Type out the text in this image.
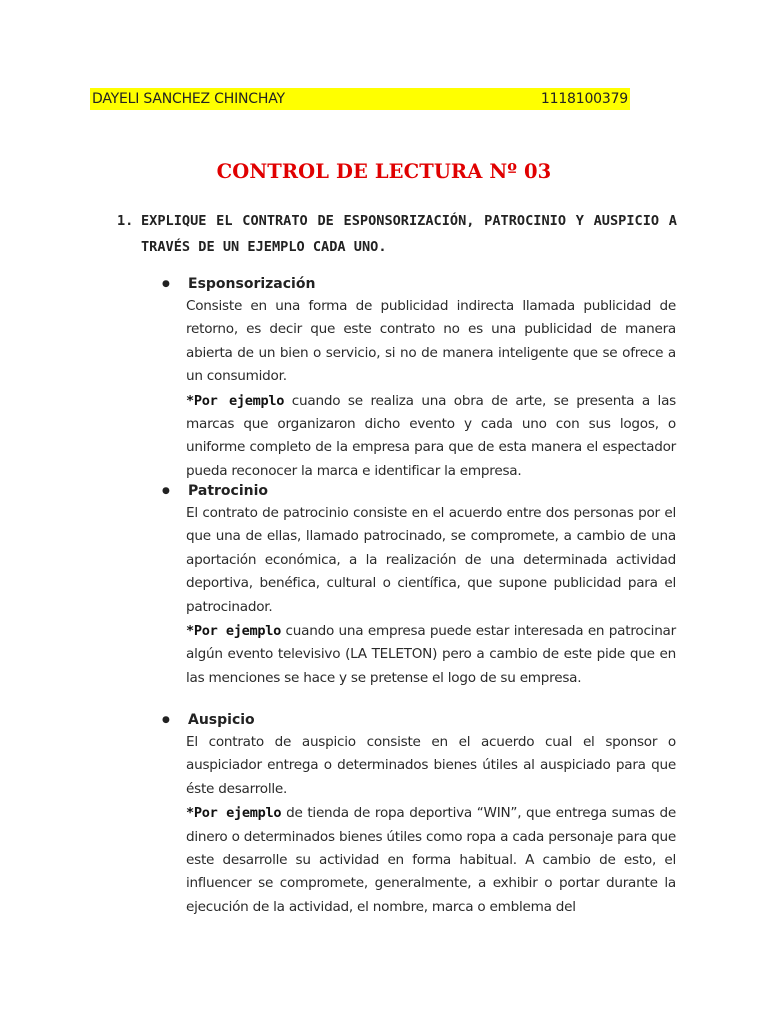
DAYELI SANCHEZ CHINCHAY	1118100379
CONTROL DE LECTURA Nº 03
1. EXPLIQUE EL CONTRATO DE ESPONSORIZACIÓN, PATROCINIO Y AUSPICIO A TRAVÉS DE UN EJEMPLO CADA UNO.
●	Esponsorización
Consiste en una forma de publicidad indirecta llamada publicidad de retorno, es decir que este contrato no es una publicidad de manera abierta de un bien o servicio, si no de manera inteligente que se ofrece a un consumidor.
*Por ejemplo cuando se realiza una obra de arte, se presenta a las marcas que organizaron dicho evento y cada uno con sus logos, o uniforme completo de la empresa para que de esta manera el espectador pueda reconocer la marca e identificar la empresa.
●	Patrocinio
El contrato de patrocinio consiste en el acuerdo entre dos personas por el que una de ellas, llamado patrocinado, se compromete, a cambio de una aportación económica, a la realización de una determinada actividad deportiva, benéfica, cultural o científica, que supone publicidad para el patrocinador.
*Por ejemplo cuando una empresa puede estar interesada en patrocinar algún evento televisivo (LA TELETON) pero a cambio de este pide que en las menciones se hace y se pretense el logo de su empresa.
●	Auspicio
El contrato de auspicio consiste en el acuerdo cual el sponsor o auspiciador entrega o determinados bienes útiles al auspiciado para que éste desarrolle.
*Por ejemplo de tienda de ropa deportiva “WIN”, que entrega sumas de dinero o determinados bienes útiles como ropa a cada personaje para que este desarrolle su actividad en forma habitual. A cambio de esto, el influencer se compromete, generalmente, a exhibir o portar durante la ejecución de la actividad, el nombre, marca o emblema del
